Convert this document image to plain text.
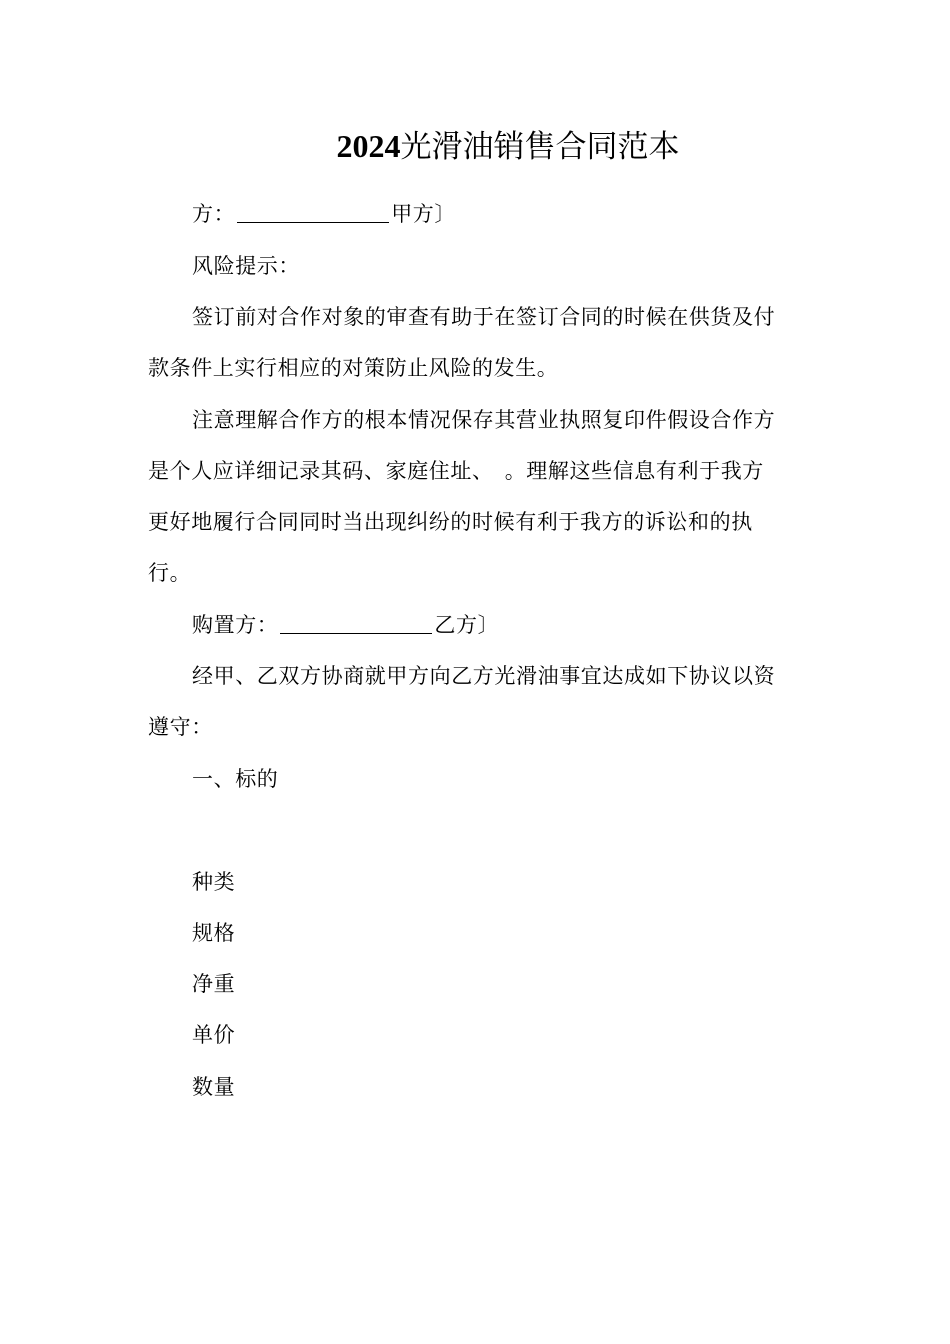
2024光滑油销售合同范本
方：	甲方〕
风险提示：
签订前对合作对象的审查有助于在签订合同的时候在供货及付
款条件上实行相应的对策防止风险的发生。
注意理解合作方的根本情况保存其营业执照复印件假设合作方
是个人应详细记录其码、家庭住址、　。理解这些信息有利于我方
更好地履行合同同时当出现纠纷的时候有利于我方的诉讼和的执
行。
购置方：	乙方〕
经甲、乙双方协商就甲方向乙方光滑油事宜达成如下协议以资
遵守：
一、标的
种类
规格
净重
单价
数量
